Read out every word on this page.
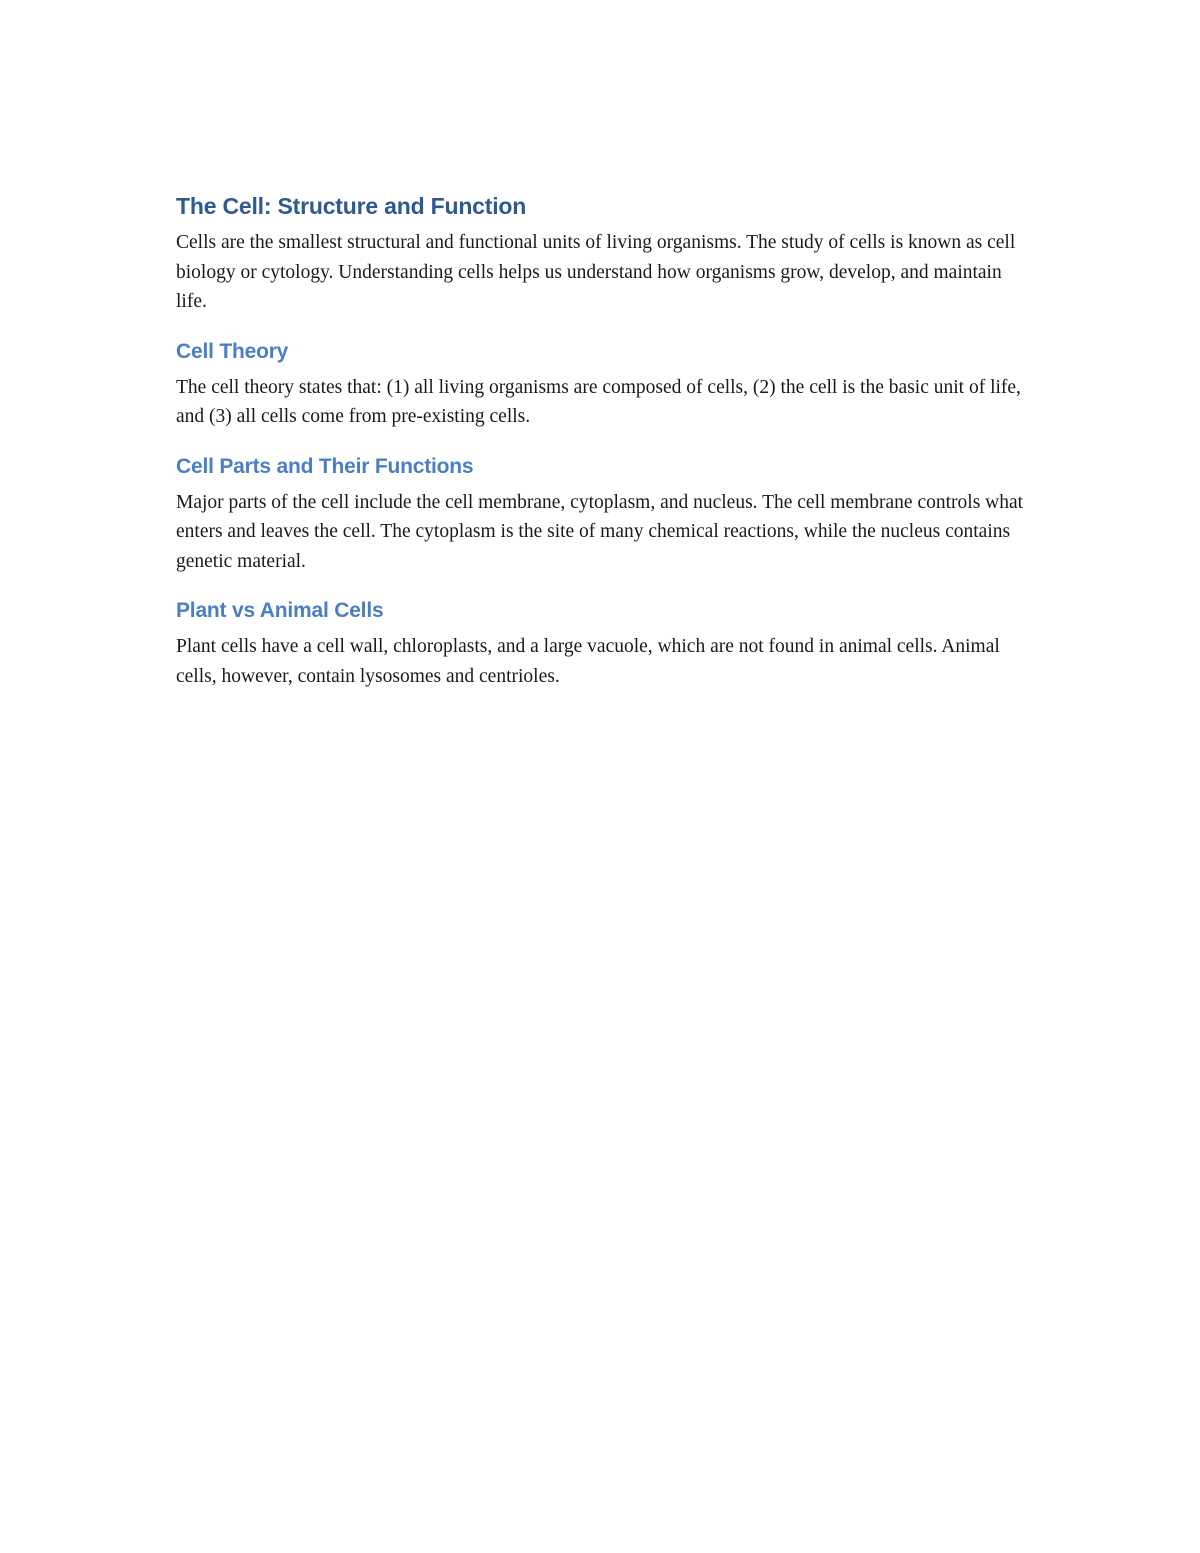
The Cell: Structure and Function

Cells are the smallest structural and functional units of living organisms. The study of cells is known as cell biology or cytology. Understanding cells helps us understand how organisms grow, develop, and maintain life.

Cell Theory

The cell theory states that: (1) all living organisms are composed of cells, (2) the cell is the basic unit of life, and (3) all cells come from pre-existing cells.

Cell Parts and Their Functions

Major parts of the cell include the cell membrane, cytoplasm, and nucleus. The cell membrane controls what enters and leaves the cell. The cytoplasm is the site of many chemical reactions, while the nucleus contains genetic material.

Plant vs Animal Cells

Plant cells have a cell wall, chloroplasts, and a large vacuole, which are not found in animal cells. Animal cells, however, contain lysosomes and centrioles.
